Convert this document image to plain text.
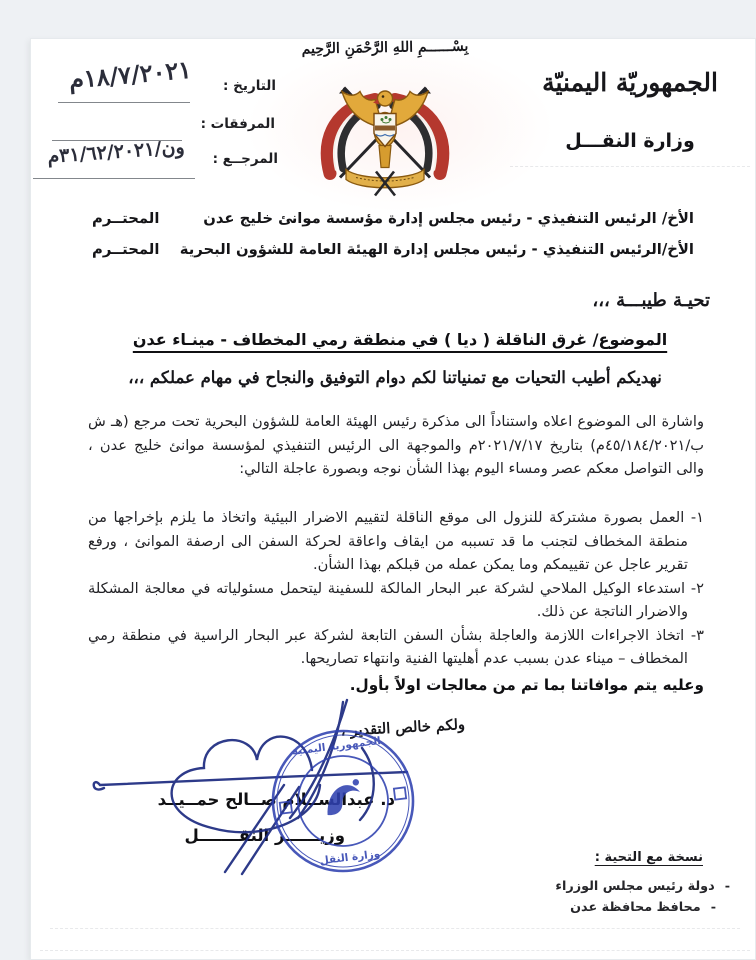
بِسْــــــمِ اللهِ الرَّحْمَنِ الرَّحِيم
الجمهوريّة اليمنيّة
وزارة النقـــل
التاريخ :
١٨/٧/٢٠٢١م
المرفقات :
المرجــع :
ون/٣١/٦٢/٢٠٢١م
الأخ/ الرئيس التنفيذي - رئيس مجلس إدارة مؤسسة موانئ خليج عدن
المحتــرم
الأخ/الرئيس التنفيذي - رئيس مجلس إدارة الهيئة العامة للشؤون البحرية
المحتــرم
تحيـة طيبـــة ،،،
الموضوع/ غرق الناقلة ( ديا ) في منطقة رمي المخطاف - مينـاء عدن
نهديكم أطيب التحيات مع تمنياتنا لكم دوام التوفيق والنجاح في مهام عملكم ،،،
واشارة الى الموضوع اعلاه واستناداً الى مذكرة رئيس الهيئة العامة للشؤون البحرية تحت مرجع (هـ ش ب/٤٥/١٨٤/٢٠٢١م) بتاريخ ٢٠٢١/٧/١٧م والموجهة الى الرئيس التنفيذي لمؤسسة موانئ خليج عدن ، والى التواصل معكم عصر ومساء اليوم بهذا الشأن نوجه وبصورة عاجلة التالي:
١- العمل بصورة مشتركة للنزول الى موقع الناقلة لتقييم الاضرار البيئية واتخاذ ما يلزم بإخراجها من منطقة المخطاف لتجنب ما قد تسببه من ايقاف واعاقة لحركة السفن الى ارصفة الموانئ ، ورفع تقرير عاجل عن تقييمكم وما يمكن عمله من قبلكم بهذا الشأن.
٢- استدعاء الوكيل الملاحي لشركة عبر البحار المالكة للسفينة ليتحمل مسئولياته في معالجة المشكلة والاضرار الناتجة عن ذلك.
٣- اتخاذ الاجراءات اللازمة والعاجلة بشأن السفن التابعة لشركة عبر البحار الراسية في منطقة رمي المخطاف – ميناء عدن بسبب عدم أهليتها الفنية وانتهاء تصاريحها.
وعليه يتم موافاتنا بما تم من معالجات اولاً بأول.
ولكم خالص التقدير ،
د. عبدالســلام صــالح حمــيــد
وزيــــــر النقـــــــل
الجمهورية اليمنية
وزارة النقل	نسخة مع التحية :
-
دولة رئيس مجلس الوزراء
-
محافظ محافظة عدن
